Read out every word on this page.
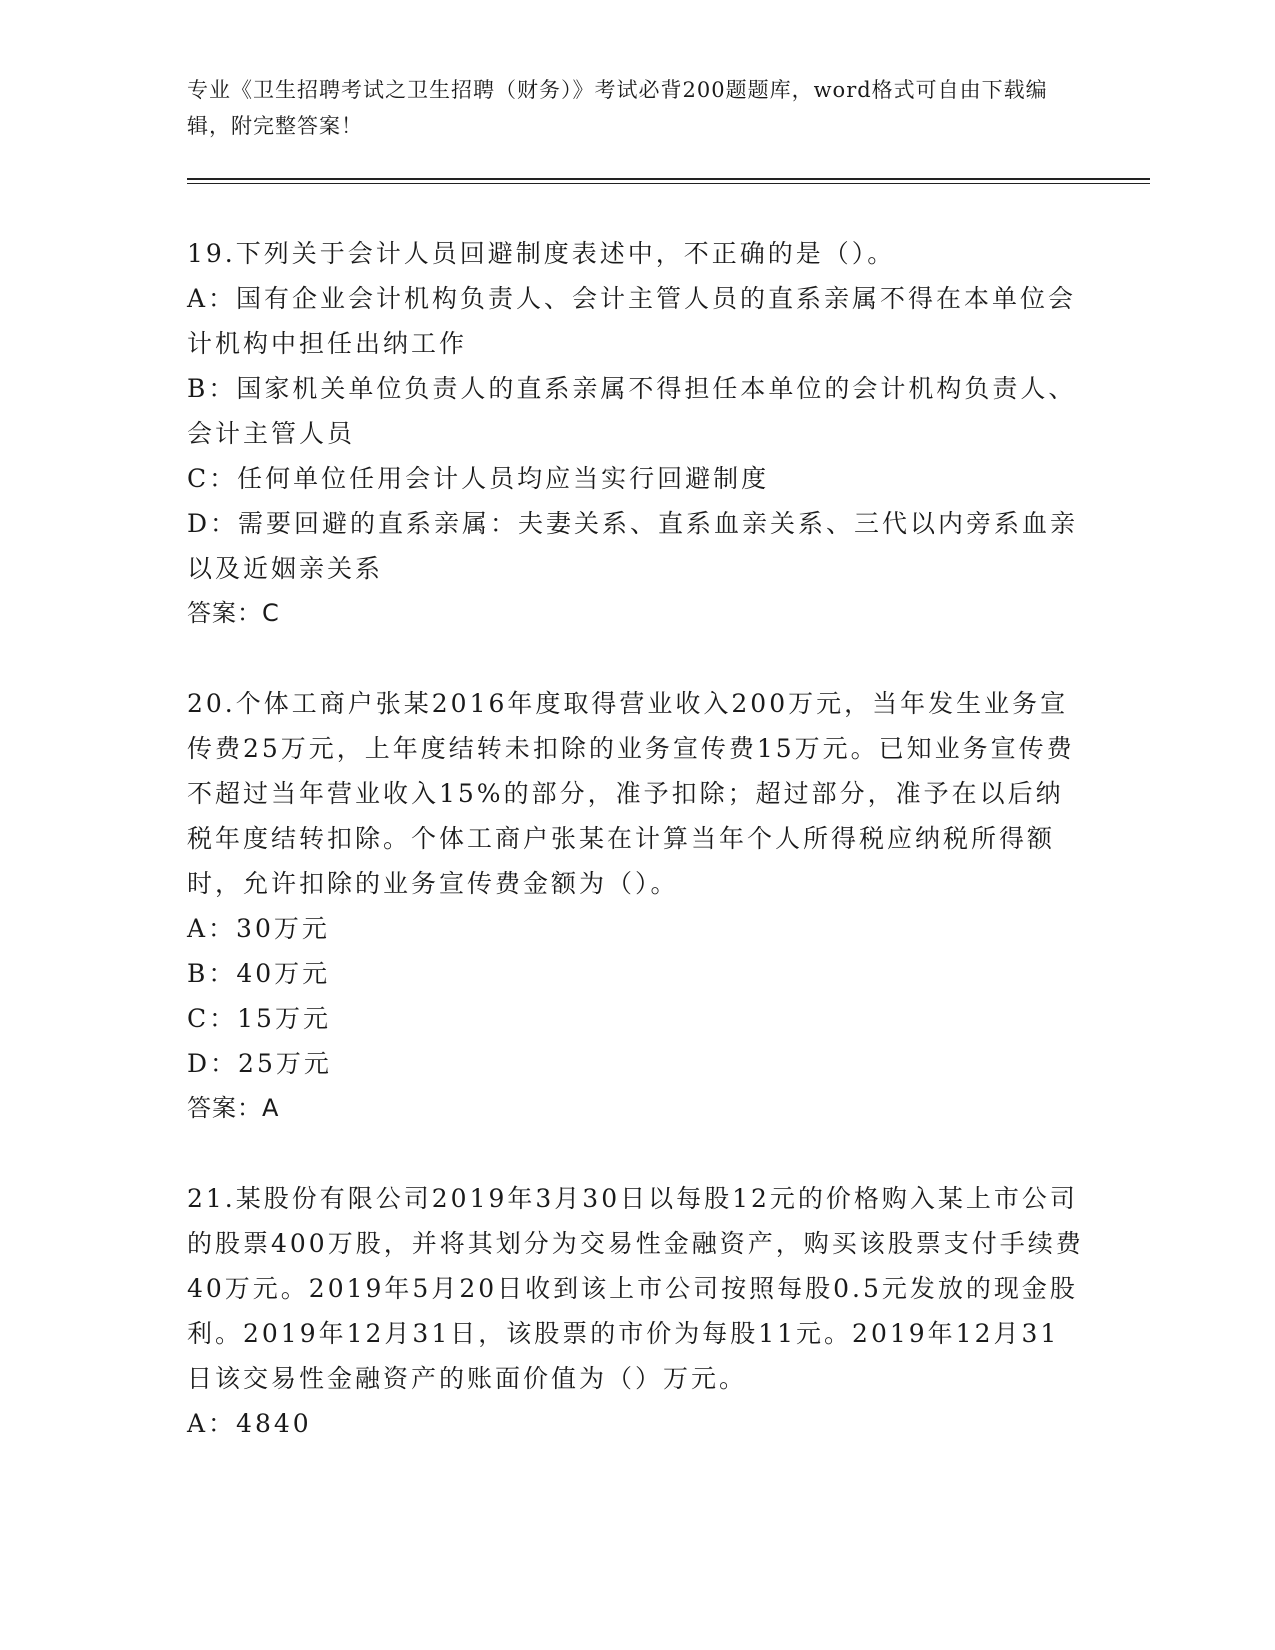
专业《卫生招聘考试之卫生招聘（财务）》考试必背200题题库，word格式可自由下载编辑，附完整答案！

19.下列关于会计人员回避制度表述中，不正确的是（）。

A：国有企业会计机构负责人、会计主管人员的直系亲属不得在本单位会计机构中担任出纳工作

B：国家机关单位负责人的直系亲属不得担任本单位的会计机构负责人、会计主管人员

C：任何单位任用会计人员均应当实行回避制度

D：需要回避的直系亲属：夫妻关系、直系血亲关系、三代以内旁系血亲以及近姻亲关系

答案：C

20.个体工商户张某2016年度取得营业收入200万元，当年发生业务宣传费25万元，上年度结转未扣除的业务宣传费15万元。已知业务宣传费不超过当年营业收入15%的部分，准予扣除；超过部分，准予在以后纳税年度结转扣除。个体工商户张某在计算当年个人所得税应纳税所得额时，允许扣除的业务宣传费金额为（）。

A：30万元

B：40万元

C：15万元

D：25万元

答案：A

21.某股份有限公司2019年3月30日以每股12元的价格购入某上市公司的股票400万股，并将其划分为交易性金融资产，购买该股票支付手续费40万元。2019年5月20日收到该上市公司按照每股0.5元发放的现金股利。2019年12月31日，该股票的市价为每股11元。2019年12月31日该交易性金融资产的账面价值为（）万元。

A：4840
